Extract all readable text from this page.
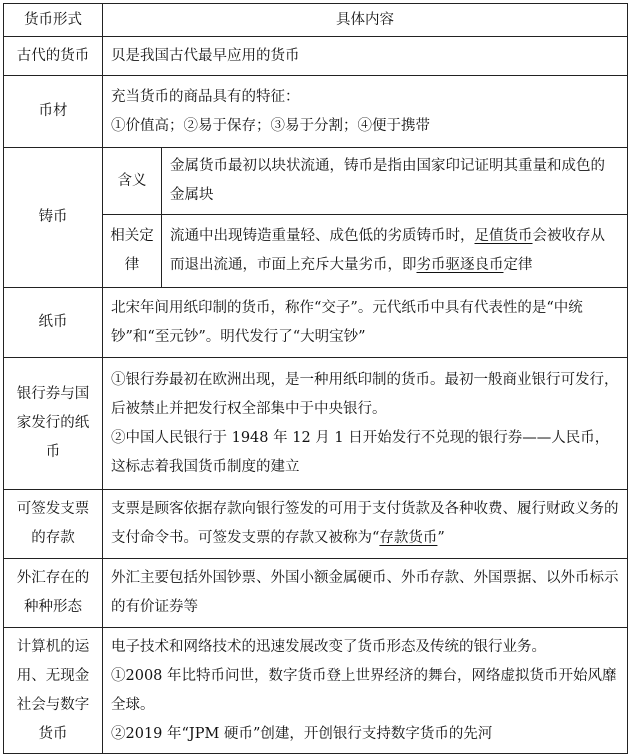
货币形式	具体内容	
古代的货币	贝是我国古代最早应用的货币	
币材	充当货币的商品具有的特征：
①价值高；②易于保存；③易于分割；④便于携带	

铸币	含义	金属货币最初以块状流通，铸币是指由国家印记证明其重量和成色的金属块
	相关定律	流通中出现铸造重量轻、成色低的劣质铸币时，足值货币会被收存从而退出流通，市面上充斥大量劣币，即劣币驱逐良币定律
纸币	北宋年间用纸印制的货币，称作“交子”。元代纸币中具有代表性的是“中统钞”和“至元钞”。明代发行了“大明宝钞”	
银行券与国家发行的纸币	①银行券最初在欧洲出现，是一种用纸印制的货币。最初一般商业银行可发行，后被禁止并把发行权全部集中于中央银行。
②中国人民银行于 1948 年 12 月 1 日开始发行不兑现的银行券——人民币，这标志着我国货币制度的建立	

可签发支票的存款	支票是顾客依据存款向银行签发的可用于支付货款及各种收费、履行财政义务的支付命令书。可签发支票的存款又被称为“存款货币”	
外汇存在的种种形态	外汇主要包括外国钞票、外国小额金属硬币、外币存款、外国票据、以外币标示的有价证券等	
计算机的运用、无现金社会与数字货币	电子技术和网络技术的迅速发展改变了货币形态及传统的银行业务。
①2008 年比特币问世，数字货币登上世界经济的舞台，网络虚拟货币开始风靡全球。
②2019 年“JPM 硬币”创建，开创银行支持数字货币的先河	
